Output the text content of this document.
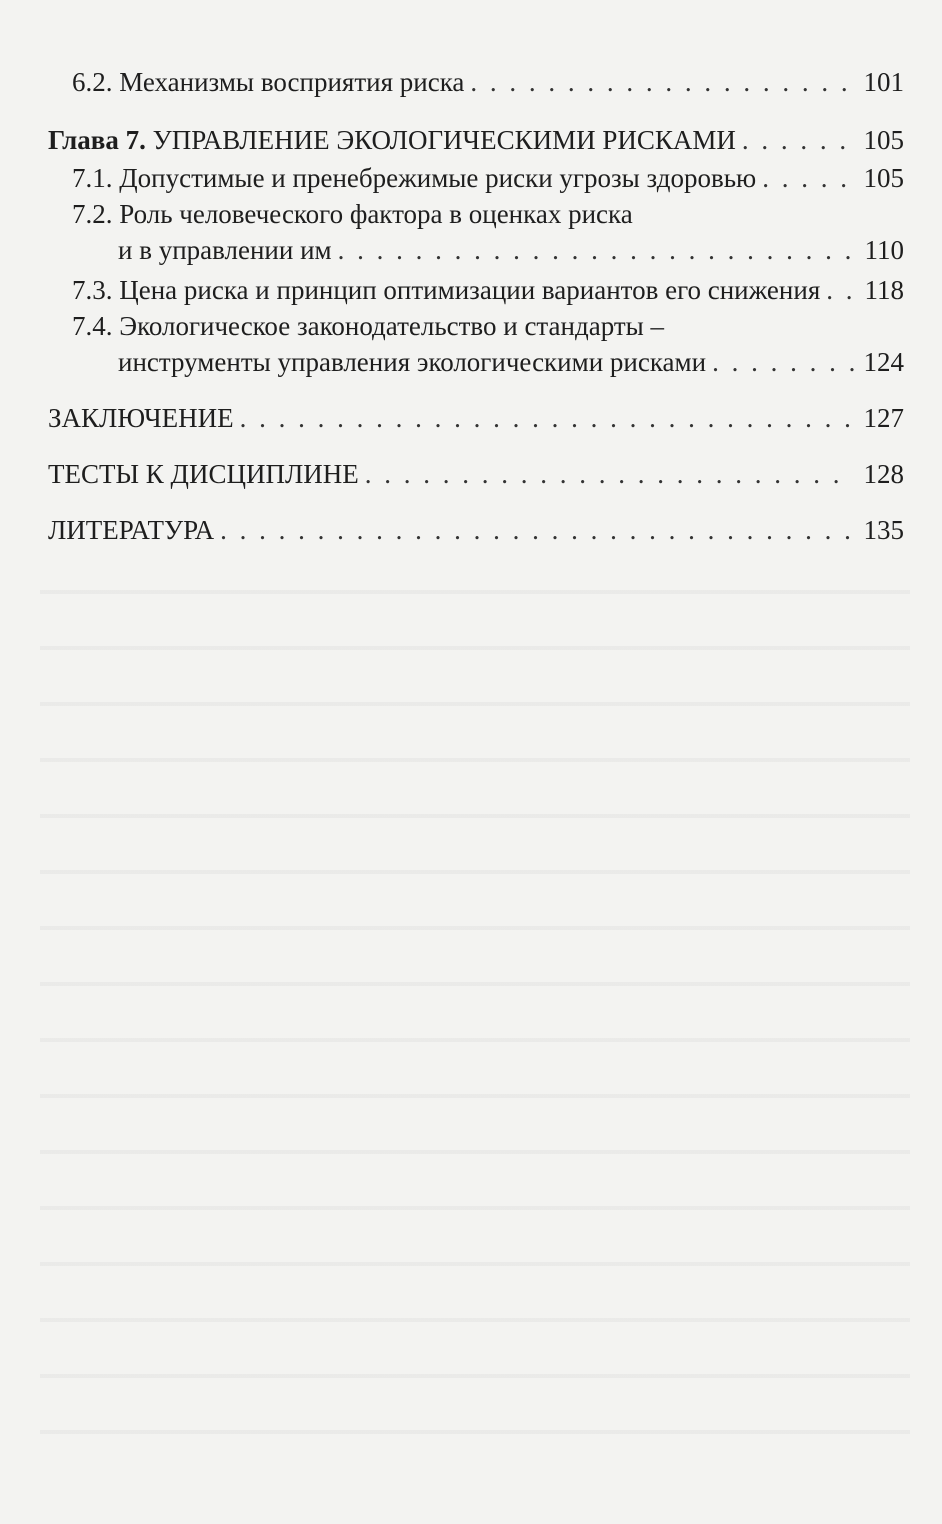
6.2. Механизмы восприятия риска . . .	101
Глава 7. УПРАВЛЕНИЕ ЭКОЛОГИЧЕСКИМИ РИСКАМИ . . .	105
7.1. Допустимые и пренебрежимые риски угрозы здоровью . . .	105
7.2. Роль человеческого фактора в оценках риска
и в управлении им . . .	110
7.3. Цена риска и принцип оптимизации вариантов его снижения . . . 118
7.4. Экологическое законодательство и стандарты –
инструменты управления экологическими рисками . . .	124
ЗАКЛЮЧЕНИЕ . . .	127
ТЕСТЫ К ДИСЦИПЛИНЕ . . .	128
ЛИТЕРАТУРА . . .	135
